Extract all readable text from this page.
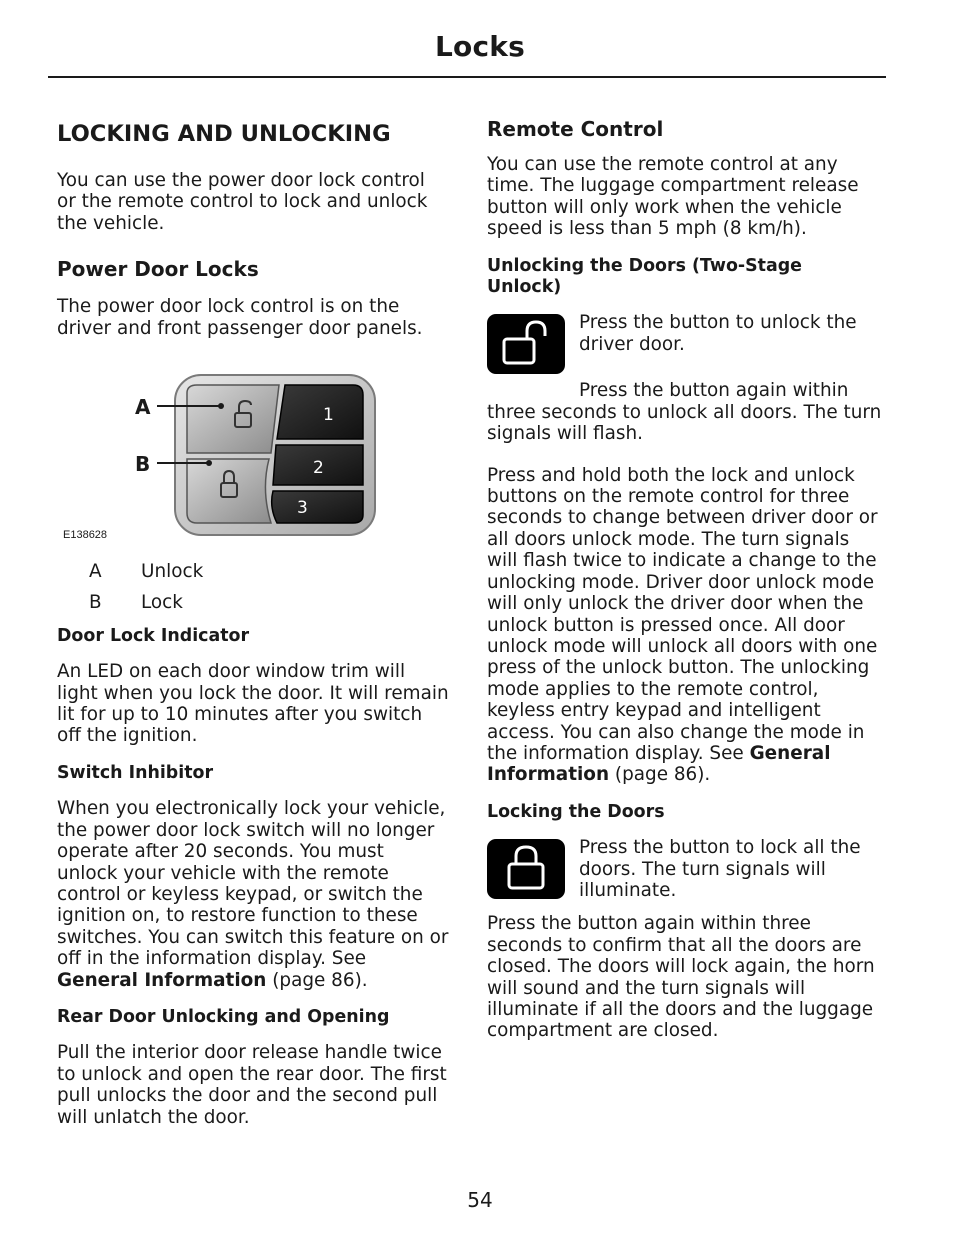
Locks
LOCKING AND UNLOCKING

You can use the power door lock control or the remote control to lock and unlock the vehicle.

Power Door Locks

The power door lock control is on the driver and front passenger door panels.

A
B
1
2
3
E138628
A	Unlock
B	Lock
Door Lock Indicator

An LED on each door window trim will light when you lock the door. It will remain lit for up to 10 minutes after you switch off the ignition.

Switch Inhibitor

When you electronically lock your vehicle, the power door lock switch will no longer operate after 20 seconds. You must unlock your vehicle with the remote control or keyless keypad, or switch the ignition on, to restore function to these switches. You can switch this feature on or off in the information display. See General Information (page 86).

Rear Door Unlocking and Opening

Pull the interior door release handle twice to unlock and open the rear door. The first pull unlocks the door and the second pull will unlatch the door.

Remote Control

You can use the remote control at any time. The luggage compartment release button will only work when the vehicle speed is less than 5 mph (8 km/h).

Unlocking the Doors (Two-Stage Unlock)

Press the button to unlock the driver door.

Press the button again within three seconds to unlock all doors. The turn signals will flash.

Press and hold both the lock and unlock buttons on the remote control for three seconds to change between driver door or all doors unlock mode. The turn signals will flash twice to indicate a change to the unlocking mode. Driver door unlock mode will only unlock the driver door when the unlock button is pressed once. All door unlock mode will unlock all doors with one press of the unlock button. The unlocking mode applies to the remote control, keyless entry keypad and intelligent access. You can also change the mode in the information display. See General Information (page 86).

Locking the Doors

Press the button to lock all the doors. The turn signals will illuminate.

Press the button again within three seconds to confirm that all the doors are closed. The doors will lock again, the horn will sound and the turn signals will illuminate if all the doors and the luggage compartment are closed.

54
